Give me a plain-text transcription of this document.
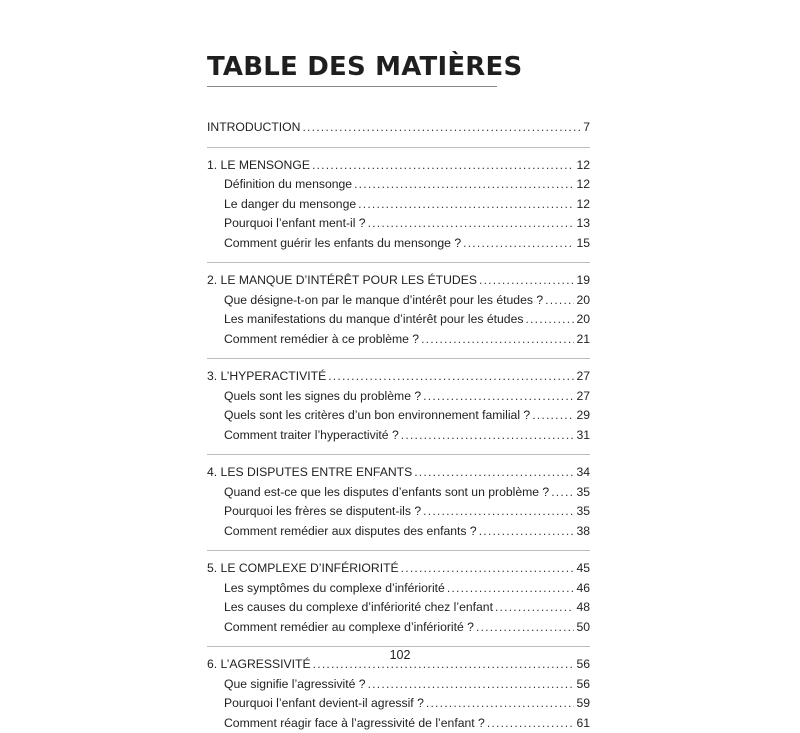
TABLE DES MATIÈRES
INTRODUCTION .....	7
1. LE MENSONGE .....	12
Définition du mensonge .....	12
Le danger du mensonge .....	12
Pourquoi l’enfant ment-il ? .....	13
Comment guérir les enfants du mensonge ? .....	15
2. LE MANQUE D’INTÉRÊT POUR LES ÉTUDES .....	19
Que désigne-t-on par le manque d’intérêt pour les études ? .....	20
Les manifestations du manque d’intérêt pour les études .....	20
Comment remédier à ce problème ? .....	21
3. L’HYPERACTIVITÉ .....	27
Quels sont les signes du problème ? .....	27
Quels sont les critères d’un bon environnement familial ? .....	29
Comment traiter l’hyperactivité ? .....	31
4. LES DISPUTES ENTRE ENFANTS .....	34
Quand est-ce que les disputes d’enfants sont un problème ? ..... 35
Pourquoi les frères se disputent-ils ? .....	35
Comment remédier aux disputes des enfants ? .....	38
5. LE COMPLEXE D’INFÉRIORITÉ .....	45
Les symptômes du complexe d’infériorité .....	46
Les causes du complexe d’infériorité chez l’enfant .....	48
Comment remédier au complexe d’infériorité ? .....	50
6. L’AGRESSIVITÉ .....	56
Que signifie l’agressivité ? .....	56
Pourquoi l’enfant devient-il agressif ? .....	59
Comment réagir face à l’agressivité de l’enfant ? .....	61
102
